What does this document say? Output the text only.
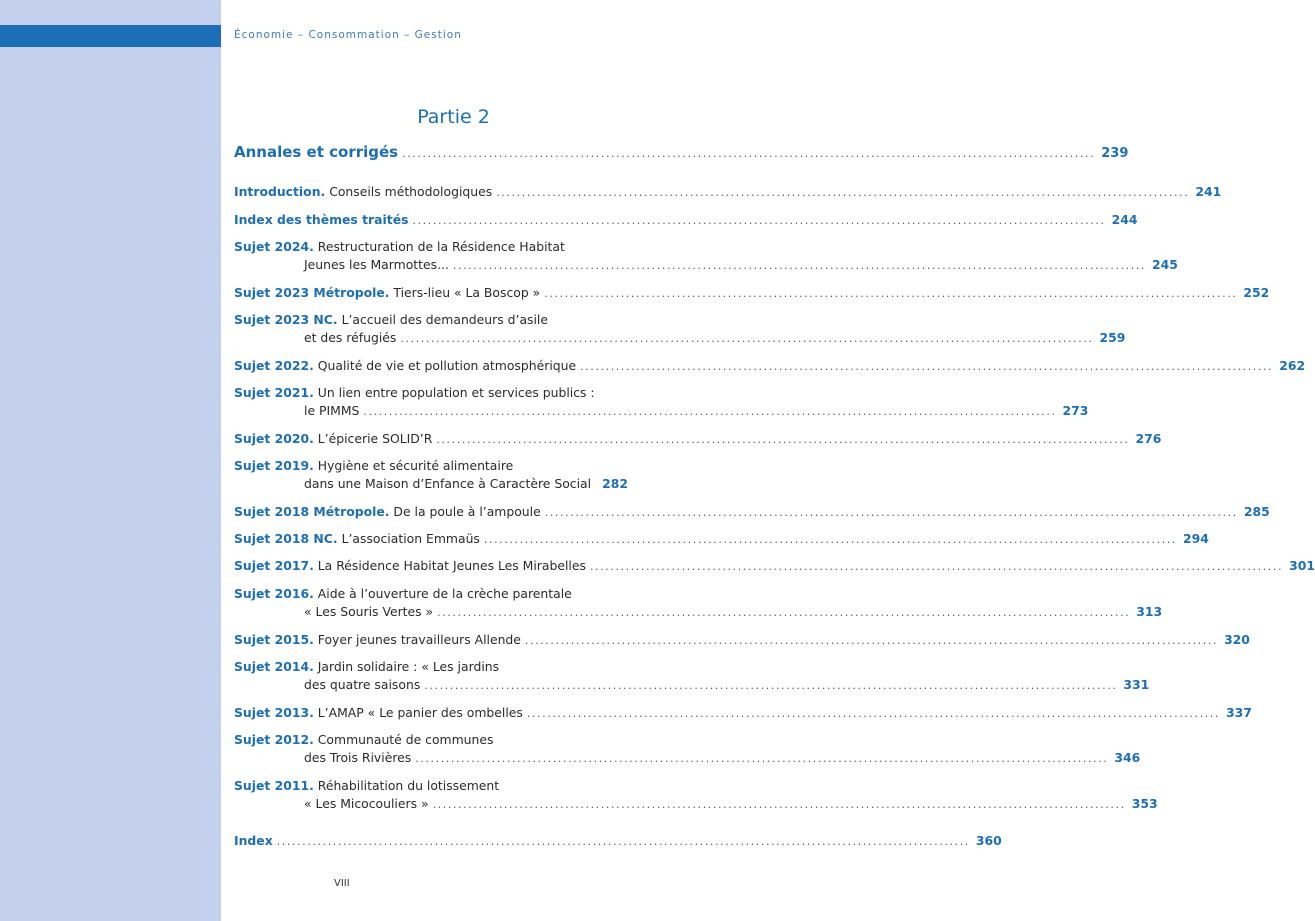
Économie – Consommation – Gestion
Partie 2
Annales et corrigés ........................................................................................................................................ 239
Introduction. Conseils méthodologiques ........................................................................................................................................ 241
Index des thèmes traités ........................................................................................................................................ 244
Sujet 2024. Restructuration de la Résidence Habitat
Jeunes les Marmottes... ........................................................................................................................................ 245
Sujet 2023 Métropole. Tiers-lieu « La Boscop » ........................................................................................................................................ 252
Sujet 2023 NC. L’accueil des demandeurs d’asile
et des réfugiés ........................................................................................................................................ 259
Sujet 2022. Qualité de vie et pollution atmosphérique ........................................................................................................................................ 262
Sujet 2021. Un lien entre population et services publics :
le PIMMS ........................................................................................................................................ 273
Sujet 2020. L’épicerie SOLID’R ........................................................................................................................................ 276
Sujet 2019. Hygiène et sécurité alimentaire
dans une Maison d’Enfance à Caractère Social 282
Sujet 2018 Métropole. De la poule à l’ampoule ........................................................................................................................................ 285
Sujet 2018 NC. L’association Emmaüs ........................................................................................................................................ 294
Sujet 2017. La Résidence Habitat Jeunes Les Mirabelles ........................................................................................................................................ 301
Sujet 2016. Aide à l’ouverture de la crèche parentale
« Les Souris Vertes » ........................................................................................................................................ 313
Sujet 2015. Foyer jeunes travailleurs Allende ........................................................................................................................................ 320
Sujet 2014. Jardin solidaire : « Les jardins
des quatre saisons ........................................................................................................................................ 331
Sujet 2013. L’AMAP « Le panier des ombelles ........................................................................................................................................ 337
Sujet 2012. Communauté de communes
des Trois Rivières ........................................................................................................................................ 346
Sujet 2011. Réhabilitation du lotissement
« Les Micocouliers » ........................................................................................................................................ 353
Index ........................................................................................................................................ 360
VIII
